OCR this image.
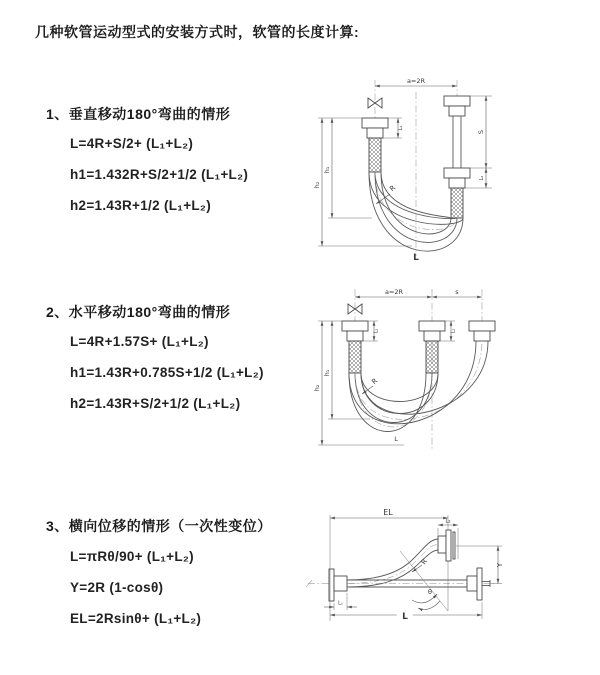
几种软管运动型式的安装方式时，软管的长度计算:
1、垂直移动180°弯曲的情形
L=4R+S/2+ (L₁+L₂)
h1=1.432R+S/2+1/2 (L₁+L₂)
h2=1.43R+1/2 (L₁+L₂)
2、水平移动180°弯曲的情形
L=4R+1.57S+ (L₁+L₂)
h1=1.43R+0.785S+1/2 (L₁+L₂)
h2=1.43R+S/2+1/2 (L₁+L₂)
3、横向位移的情形（一次性变位）
L=πRθ/90+ (L₁+L₂)
Y=2R (1-cosθ)
EL=2Rsinθ+ (L₁+L₂)
a=2R
h₁
h₂
L₁
S
L₂
R
L
a=2R	s
h₁
h₂
L₁	L₂
R
L
θ
R
EL
L₂
Y
L₁
L
